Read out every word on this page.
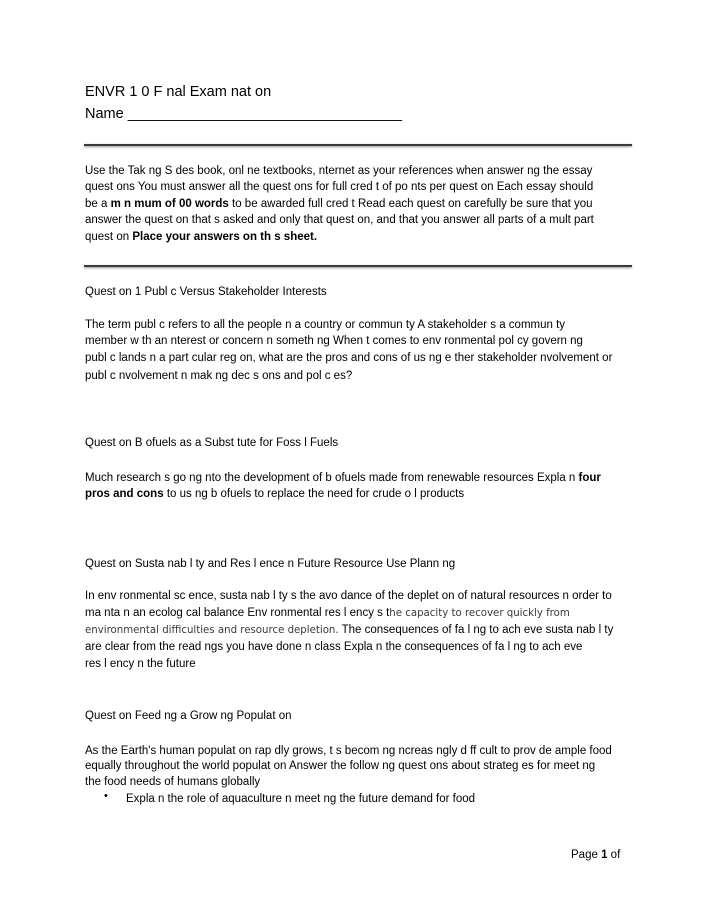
ENVR 1 0 F nal Exam nat on
Name __________________________________
Use the Tak ng S des book, onl ne textbooks, nternet as your references when answer ng the essay
quest ons You must answer all the quest ons for full cred t of po nts per quest on Each essay should
be a m n mum of 00 words to be awarded full cred t Read each quest on carefully be sure that you
answer the quest on that s asked and only that quest on, and that you answer all parts of a mult part
quest on Place your answers on th s sheet.
Quest on 1 Publ c Versus Stakeholder Interests
The term publ c refers to all the people n a country or commun ty A stakeholder s a commun ty
member w th an nterest or concern n someth ng When t comes to env ronmental pol cy govern ng
publ c lands n a part cular reg on, what are the pros and cons of us ng e ther stakeholder nvolvement or
publ c nvolvement n mak ng dec s ons and pol c es?
Quest on B ofuels as a Subst tute for Foss l Fuels
Much research s go ng nto the development of b ofuels made from renewable resources Expla n four
pros and cons to us ng b ofuels to replace the need for crude o l products
Quest on Susta nab l ty and Res l ence n Future Resource Use Plann ng
In env ronmental sc ence, susta nab l ty s the avo dance of the deplet on of natural resources n order to
ma nta n an ecolog cal balance Env ronmental res l ency s the capacity to recover quickly from
environmental difficulties and resource depletion. The consequences of fa l ng to ach eve susta nab l ty
are clear from the read ngs you have done n class Expla n the consequences of fa l ng to ach eve
res l ency n the future
Quest on Feed ng a Grow ng Populat on
As the Earth's human populat on rap dly grows, t s becom ng ncreas ngly d ff cult to prov de ample food
equally throughout the world populat on Answer the follow ng quest ons about strateg es for meet ng
the food needs of humans globally
• Expla n the role of aquaculture n meet ng the future demand for food
Page 1 of
